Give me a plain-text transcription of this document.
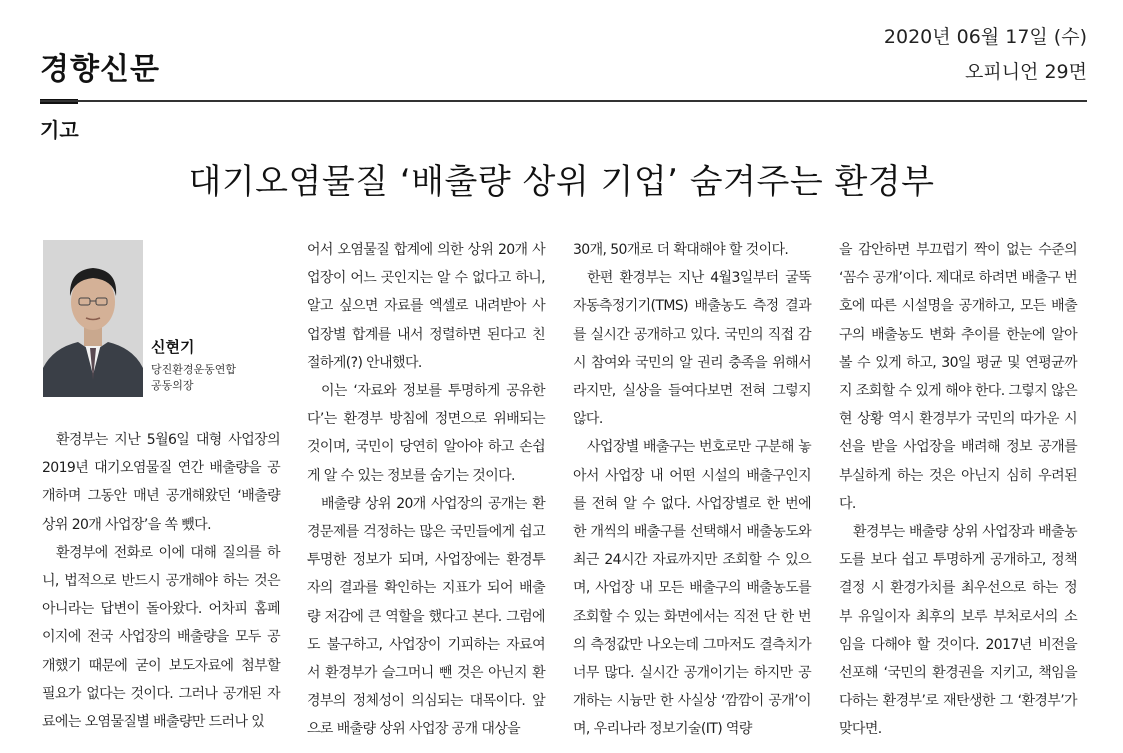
경향신문
2020년 06월 17일 (수)
오피니언 29면
기고
대기오염물질 ‘배출량 상위 기업’ 숨겨주는 환경부
신현기
당진환경운동연합
공동의장

환경부는 지난 5월6일 대형 사업장의 2019년 대기오염물질 연간 배출량을 공개하며 그동안 매년 공개해왔던 ‘배출량 상위 20개 사업장’을 쏙 뺐다.

환경부에 전화로 이에 대해 질의를 하니, 법적으로 반드시 공개해야 하는 것은 아니라는 답변이 돌아왔다. 어차피 홈페이지에 전국 사업장의 배출량을 모두 공개했기 때문에 굳이 보도자료에 첨부할 필요가 없다는 것이다. 그러나 공개된 자료에는 오염물질별 배출량만 드러나 있

어서 오염물질 합계에 의한 상위 20개 사업장이 어느 곳인지는 알 수 없다고 하니, 알고 싶으면 자료를 엑셀로 내려받아 사업장별 합계를 내서 정렬하면 된다고 친절하게(?) 안내했다.

이는 ‘자료와 정보를 투명하게 공유한다’는 환경부 방침에 정면으로 위배되는 것이며, 국민이 당연히 알아야 하고 손쉽게 알 수 있는 정보를 숨기는 것이다.

배출량 상위 20개 사업장의 공개는 환경문제를 걱정하는 많은 국민들에게 쉽고 투명한 정보가 되며, 사업장에는 환경투자의 결과를 확인하는 지표가 되어 배출량 저감에 큰 역할을 했다고 본다. 그럼에도 불구하고, 사업장이 기피하는 자료여서 환경부가 슬그머니 뺀 것은 아닌지 환경부의 정체성이 의심되는 대목이다. 앞으로 배출량 상위 사업장 공개 대상을

30개, 50개로 더 확대해야 할 것이다.

한편 환경부는 지난 4월3일부터 굴뚝자동측정기기(TMS) 배출농도 측정 결과를 실시간 공개하고 있다. 국민의 직접 감시 참여와 국민의 알 권리 충족을 위해서라지만, 실상을 들여다보면 전혀 그렇지 않다.

사업장별 배출구는 번호로만 구분해 놓아서 사업장 내 어떤 시설의 배출구인지를 전혀 알 수 없다. 사업장별로 한 번에 한 개씩의 배출구를 선택해서 배출농도와 최근 24시간 자료까지만 조회할 수 있으며, 사업장 내 모든 배출구의 배출농도를 조회할 수 있는 화면에서는 직전 단 한 번의 측정값만 나오는데 그마저도 결측치가 너무 많다. 실시간 공개이기는 하지만 공개하는 시늉만 한 사실상 ‘깜깜이 공개’이며, 우리나라 정보기술(IT) 역량

을 감안하면 부끄럽기 짝이 없는 수준의 ‘꼼수 공개’이다. 제대로 하려면 배출구 번호에 따른 시설명을 공개하고, 모든 배출구의 배출농도 변화 추이를 한눈에 알아볼 수 있게 하고, 30일 평균 및 연평균까지 조회할 수 있게 해야 한다. 그렇지 않은 현 상황 역시 환경부가 국민의 따가운 시선을 받을 사업장을 배려해 정보 공개를 부실하게 하는 것은 아닌지 심히 우려된다.

환경부는 배출량 상위 사업장과 배출농도를 보다 쉽고 투명하게 공개하고, 정책 결정 시 환경가치를 최우선으로 하는 정부 유일이자 최후의 보루 부처로서의 소임을 다해야 할 것이다. 2017년 비전을 선포해 ‘국민의 환경권을 지키고, 책임을 다하는 환경부’로 재탄생한 그 ‘환경부’가 맞다면.
